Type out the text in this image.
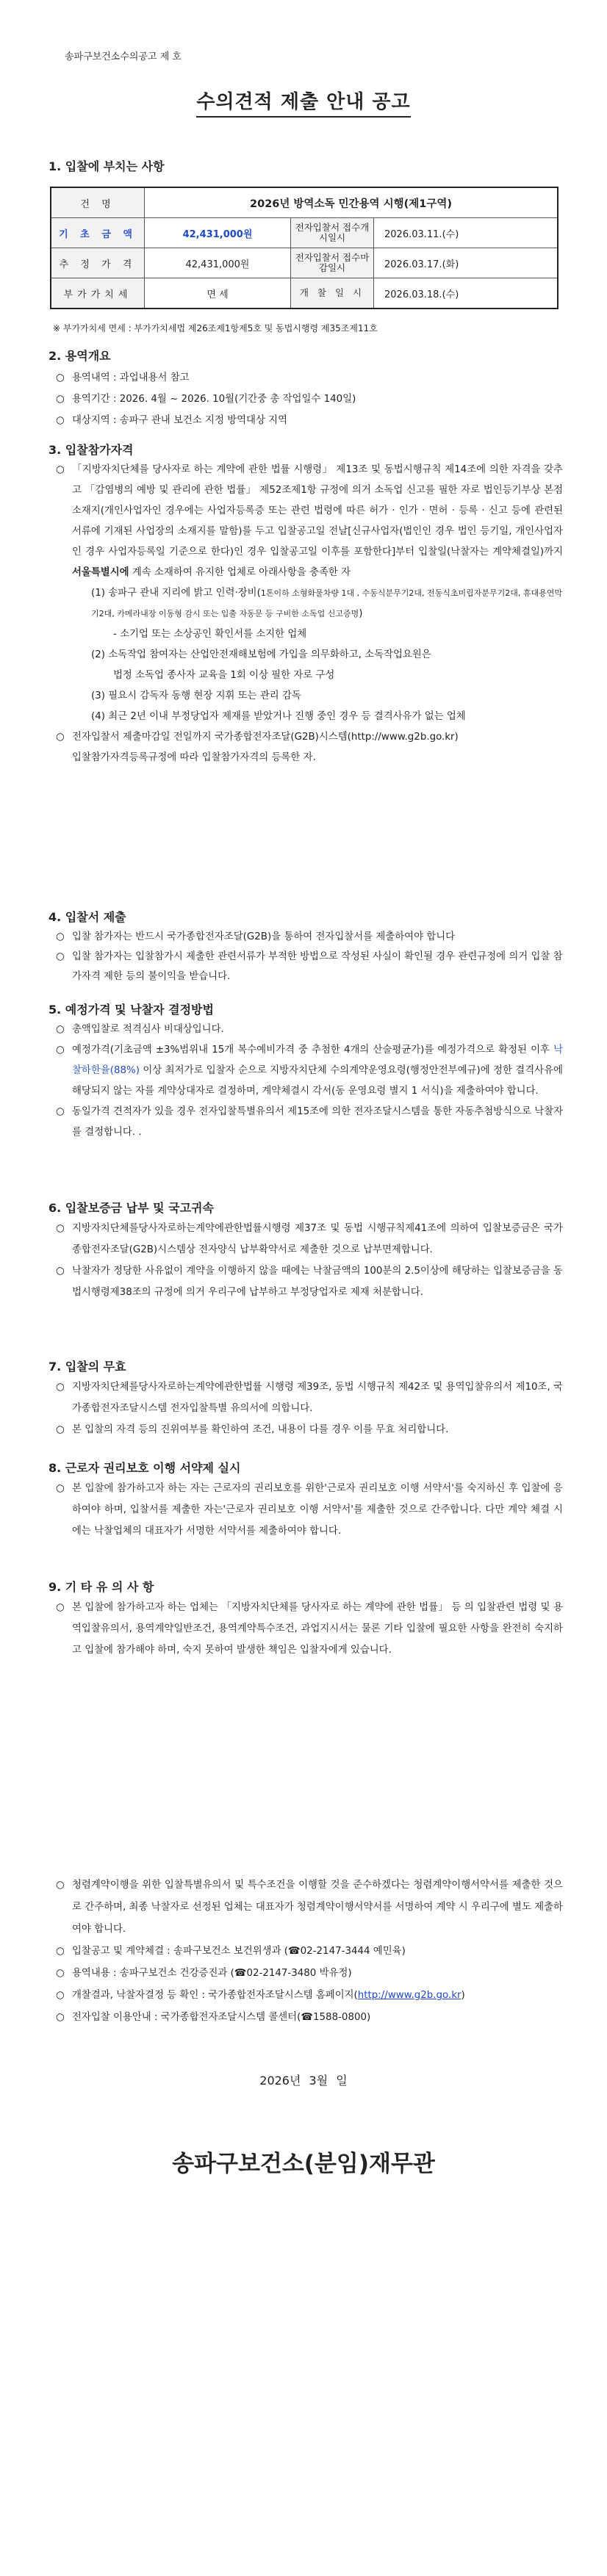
송파구보건소수의공고 제 호
수의견적 제출 안내 공고
1. 입찰에 부치는 사항
건 명	2026년 방역소독 민간용역 시행(제1구역)		
기 초 금 액	42,431,000원	전자입찰서 접수개시일시	2026.03.11.(수)
추 정 가 격	42,431,000원	전자입찰서 접수마감일시	2026.03.17.(화)
부가가치세	면 세	개 찰 일 시	2026.03.18.(수)
※ 부가가치세 면세 : 부가가치세법 제26조제1항제5호 및 동법시행령 제35조제11호
2. 용역개요
○ 용역내역 : 과업내용서 참고
○ 용역기간 : 2026. 4월 ~ 2026. 10월(기간중 총 작업일수 140일)
○ 대상지역 : 송파구 관내 보건소 지정 방역대상 지역
3. 입찰참가자격
○ 「지방자치단체를 당사자로 하는 계약에 관한 법률 시행령」 제13조 및 동법시행규칙 제14조에 의한 자격을 갖추고 「감염병의 예방 및 관리에 관한 법률」 제52조제1항 규정에 의거 소독업 신고를 필한 자로 법인등기부상 본점소재지(개인사업자인 경우에는 사업자등록증 또는 관련 법령에 따른 허가 · 인가 · 면허 · 등록 · 신고 등에 관련된 서류에 기재된 사업장의 소재지를 말함)를 두고 입찰공고일 전날[신규사업자(법인인 경우 법인 등기일, 개인사업자인 경우 사업자등록일 기준으로 한다)인 경우 입찰공고일 이후를 포함한다]부터 입찰일(낙찰자는 계약체결일)까지 서울특별시에 계속 소재하여 유지한 업체로 아래사항을 충족한 자
(1) 송파구 관내 지리에 밝고 인력·장비(1톤이하 소형화물차량 1대 , 수동식분무기2대, 전동식초미립자분무기2대, 휴대용연막기2대, 카메라내장 이동형 감시 또는 입출 자동문 등 구비한 소독업 신고증명)
- 소기업 또는 소상공인 확인서를 소지한 업체
(2) 소독작업 참여자는 산업안전재해보험에 가입을 의무화하고, 소독작업요원은
법정 소독업 종사자 교육을 1회 이상 필한 자로 구성
(3) 필요시 감독자 동행 현장 지휘 또는 관리 감독
(4) 최근 2년 이내 부정당업자 제재를 받았거나 진행 중인 경우 등 결격사유가 없는 업체
○ 전자입찰서 제출마감일 전일까지 국가종합전자조달(G2B)시스템(http://www.g2b.go.kr)
입찰참가자격등록규정에 따라 입찰참가자격의 등록한 자.
4. 입찰서 제출
○ 입찰 참가자는 반드시 국가종합전자조달(G2B)을 통하여 전자입찰서를 제출하여야 합니다
○ 입찰 참가자는 입찰참가시 제출한 관련서류가 부적한 방법으로 작성된 사실이 확인될 경우 관련규정에 의거 입찰 참가자격 제한 등의 불이익을 받습니다.
5. 예정가격 및 낙찰자 결정방법
○ 총액입찰로 적격심사 비대상입니다.
○ 예정가격(기초금액 ±3%범위내 15개 복수예비가격 중 추첨한 4개의 산술평균가)를 예정가격으로 확정된 이후 낙찰하한율(88%) 이상 최저가로 입찰자 순으로 지방자치단체 수의계약운영요령(행정안전부예규)에 정한 결격사유에 해당되지 않는 자를 계약상대자로 결정하며, 계약체결시 각서(동 운영요령 별지 1 서식)을 제출하여야 합니다.
○ 동일가격 견적자가 있을 경우 전자입찰특별유의서 제15조에 의한 전자조달시스템을 통한 자동추첨방식으로 낙찰자를 결정합니다. .
6. 입찰보증금 납부 및 국고귀속
○ 지방자치단체를당사자로하는계약에관한법률시행령 제37조 및 동법 시행규칙제41조에 의하여 입찰보증금은 국가종합전자조달(G2B)시스템상 전자양식 납부확약서로 제출한 것으로 납부면제합니다.
○ 낙찰자가 정당한 사유없이 계약을 이행하지 않을 때에는 낙찰금액의 100분의 2.5이상에 해당하는 입찰보증금을 동법시행령제38조의 규정에 의거 우리구에 납부하고 부정당업자로 제재 처분합니다.
7. 입찰의 무효
○ 지방자치단체를당사자로하는계약에관한법률 시행령 제39조, 동법 시행규칙 제42조 및 용역입찰유의서 제10조, 국가종합전자조달시스템 전자입찰특별 유의서에 의합니다.
○ 본 입찰의 자격 등의 진위여부를 확인하여 조건, 내용이 다를 경우 이를 무효 처리합니다.
8. 근로자 권리보호 이행 서약제 실시
○ 본 입찰에 참가하고자 하는 자는 근로자의 권리보호를 위한'근로자 권리보호 이행 서약서'를 숙지하신 후 입찰에 응하여야 하며, 입찰서를 제출한 자는'근로자 권리보호 이행 서약서'를 제출한 것으로 간주합니다. 다만 계약 체결 시에는 낙찰업체의 대표자가 서명한 서약서를 제출하여야 합니다.
9. 기 타 유 의 사 항
○ 본 입찰에 참가하고자 하는 업체는 「지방자치단체를 당사자로 하는 계약에 관한 법률」 등 의 입찰관련 법령 및 용역입찰유의서, 용역계약일반조건, 용역계약특수조건, 과업지시서는 물론 기타 입찰에 필요한 사항을 완전히 숙지하고 입찰에 참가해야 하며, 숙지 못하여 발생한 책임은 입찰자에게 있습니다.
○ 청렴계약이행을 위한 입찰특별유의서 및 특수조건을 이행할 것을 준수하겠다는 청렴계약이행서약서를 제출한 것으로 간주하며, 최종 낙찰자로 선정된 업체는 대표자가 청렴계약이행서약서를 서명하여 계약 시 우리구에 별도 제출하여야 합니다.
○ 입찰공고 및 계약체결 : 송파구보건소 보건위생과 (☎02-2147-3444 예민육)
○ 용역내용 : 송파구보건소 건강증진과 (☎02-2147-3480 박유정)
○ 개찰결과, 낙찰자결정 등 확인 : 국가종합전자조달시스템 홈페이지(http://www.g2b.go.kr)
○ 전자입찰 이용안내 : 국가종합전자조달시스템 콜센터(☎1588-0800)
2026년 3월 일
송파구보건소(분임)재무관
